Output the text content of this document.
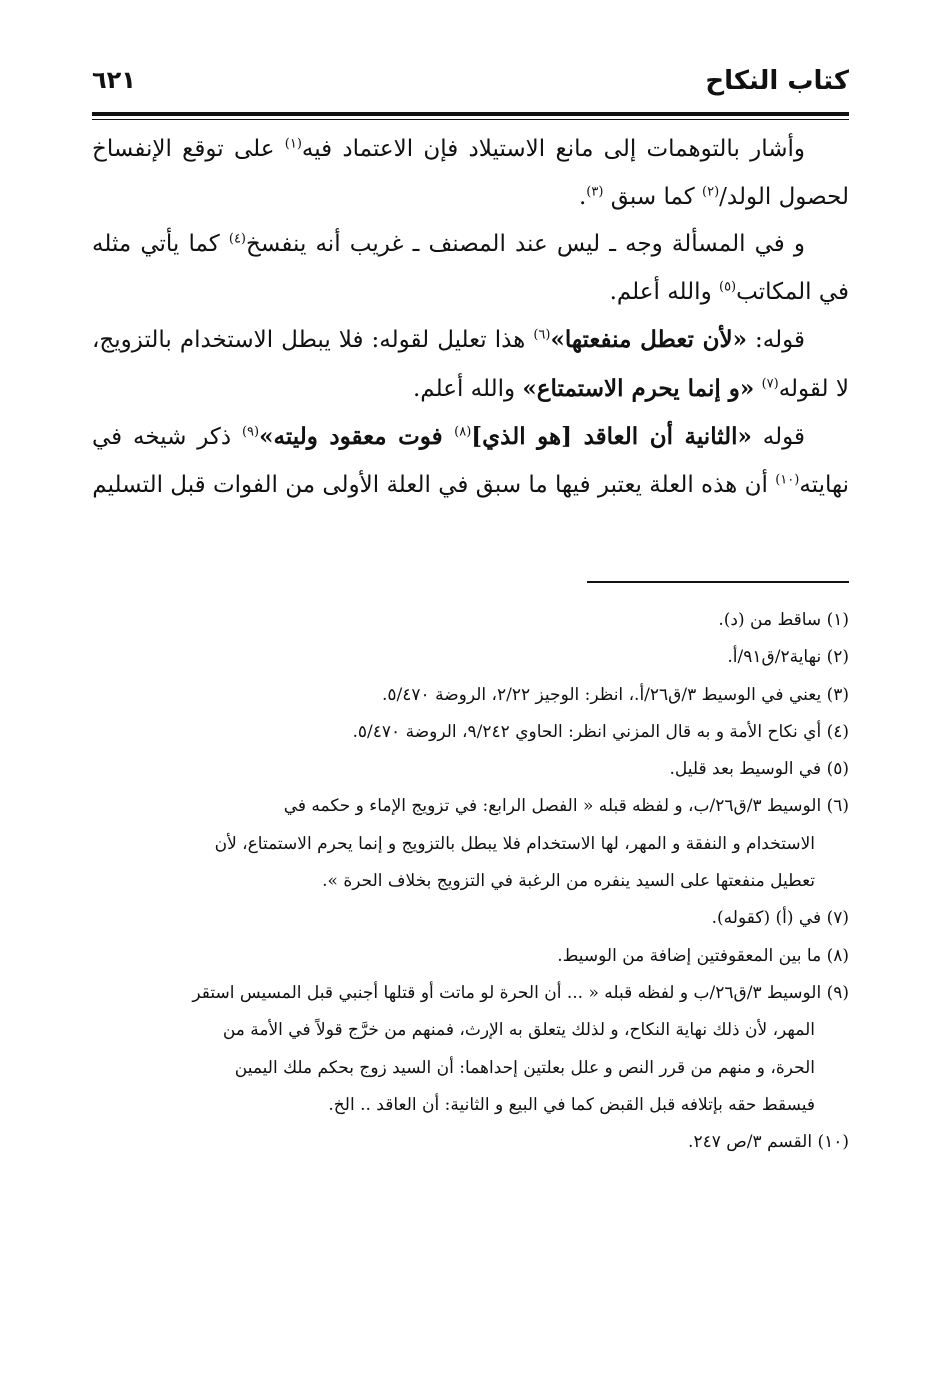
كتاب النكاح
٦٢١

وأشار بالتوهمات إلى مانع الاستيلاد فإن الاعتماد فيه$^{(١)}$ على توقع الإنفساخ لحصول الولد/$^{(٢)}$ كما سبق $^{(٣)}$.

و في المسألة وجه ـ ليس عند المصنف ـ غريب أنه ينفسخ$^{(٤)}$ كما يأتي مثله في المكاتب$^{(٥)}$ والله أعلم.

قوله: «لأن تعطل منفعتها»$^{(٦)}$ هذا تعليل لقوله: فلا يبطل الاستخدام بالتزويج، لا لقوله$^{(٧)}$ «و إنما يحرم الاستمتاع» والله أعلم.

قوله «الثانية أن العاقد [هو الذي]$^{(٨)}$ فوت معقود وليته»$^{(٩)}$ ذكر شيخه في نهايته$^{(١٠)}$ أن هذه العلة يعتبر فيها ما سبق في العلة الأولى من الفوات قبل التسليم

(١) ساقط من (د).

(٢) نهاية٢/ق٩١/أ.

(٣) يعني في الوسيط ٣/ق٢٦/أ.، انظر: الوجيز ٢/٢٢، الروضة ٥/٤٧٠.

(٤) أي نكاح الأمة و به قال المزني انظر: الحاوي ٩/٢٤٢، الروضة ٥/٤٧٠.

(٥) في الوسيط بعد قليل.

(٦) الوسيط ٣/ق٢٦/ب، و لفظه قبله « الفصل الرابع: في تزويج الإماء و حكمه في

الاستخدام و النفقة و المهر، لها الاستخدام فلا يبطل بالتزويج و إنما يحرم الاستمتاع، لأن

تعطيل منفعتها على السيد ينفره من الرغبة في التزويج بخلاف الحرة ».

(٧) في (أ) (كقوله).

(٨) ما بين المعقوفتين إضافة من الوسيط.

(٩) الوسيط ٣/ق٢٦/ب و لفظه قبله « ... أن الحرة لو ماتت أو قتلها أجنبي قبل المسيس استقر

المهر، لأن ذلك نهاية النكاح، و لذلك يتعلق به الإرث، فمنهم من خرَّج قولاً في الأمة من

الحرة، و منهم من قرر النص و علل بعلتين إحداهما: أن السيد زوج بحكم ملك اليمين

فيسقط حقه بإتلافه قبل القبض كما في البيع و الثانية: أن العاقد .. الخ.

(١٠) القسم ٣/ص ٢٤٧.
